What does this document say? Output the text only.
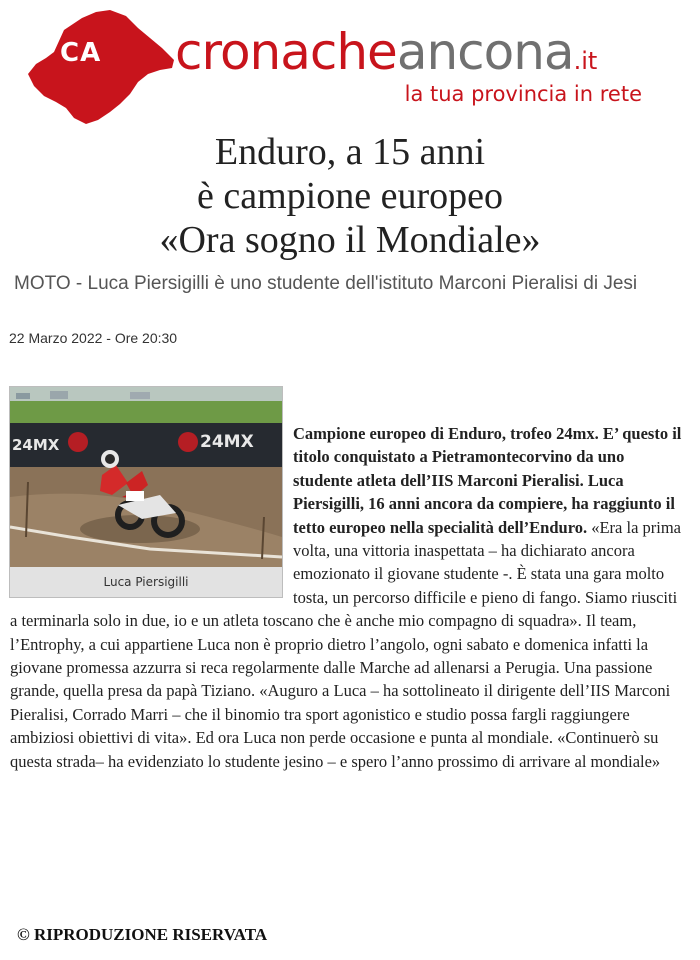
CA cronacheancona.it
la tua provincia in rete
Enduro, a 15 anni
è campione europeo
«Ora sogno il Mondiale»
MOTO - Luca Piersigilli è uno studente dell'istituto Marconi Pieralisi di Jesi
22 Marzo 2022 - Ore 20:30
24MX	24MX
Luca Piersigilli
Campione europeo di Enduro, trofeo 24mx. E’ questo il titolo conquistato a Pietramontecorvino da uno studente atleta dell’IIS Marconi Pieralisi. Luca Piersigilli, 16 anni ancora da compiere, ha raggiunto il tetto europeo nella specialità dell’Enduro. «Era la prima volta, una vittoria inaspettata – ha dichiarato ancora emozionato il giovane studente -. È stata una gara molto tosta, un percorso difficile e pieno di fango. Siamo riusciti a terminarla solo in due, io e un atleta toscano che è anche mio compagno di squadra». Il team, l’Entrophy, a cui appartiene Luca non è proprio dietro l’angolo, ogni sabato e domenica infatti la giovane promessa azzurra si reca regolarmente dalle Marche ad allenarsi a Perugia. Una passione grande, quella presa da papà Tiziano. «Auguro a Luca – ha sottolineato il dirigente dell’IIS Marconi Pieralisi, Corrado Marri – che il binomio tra sport agonistico e studio possa fargli raggiungere ambiziosi obiettivi di vita». Ed ora Luca non perde occasione e punta al mondiale. «Continuerò su questa strada– ha evidenziato lo studente jesino – e spero l’anno prossimo di arrivare al mondiale»
© RIPRODUZIONE RISERVATA
